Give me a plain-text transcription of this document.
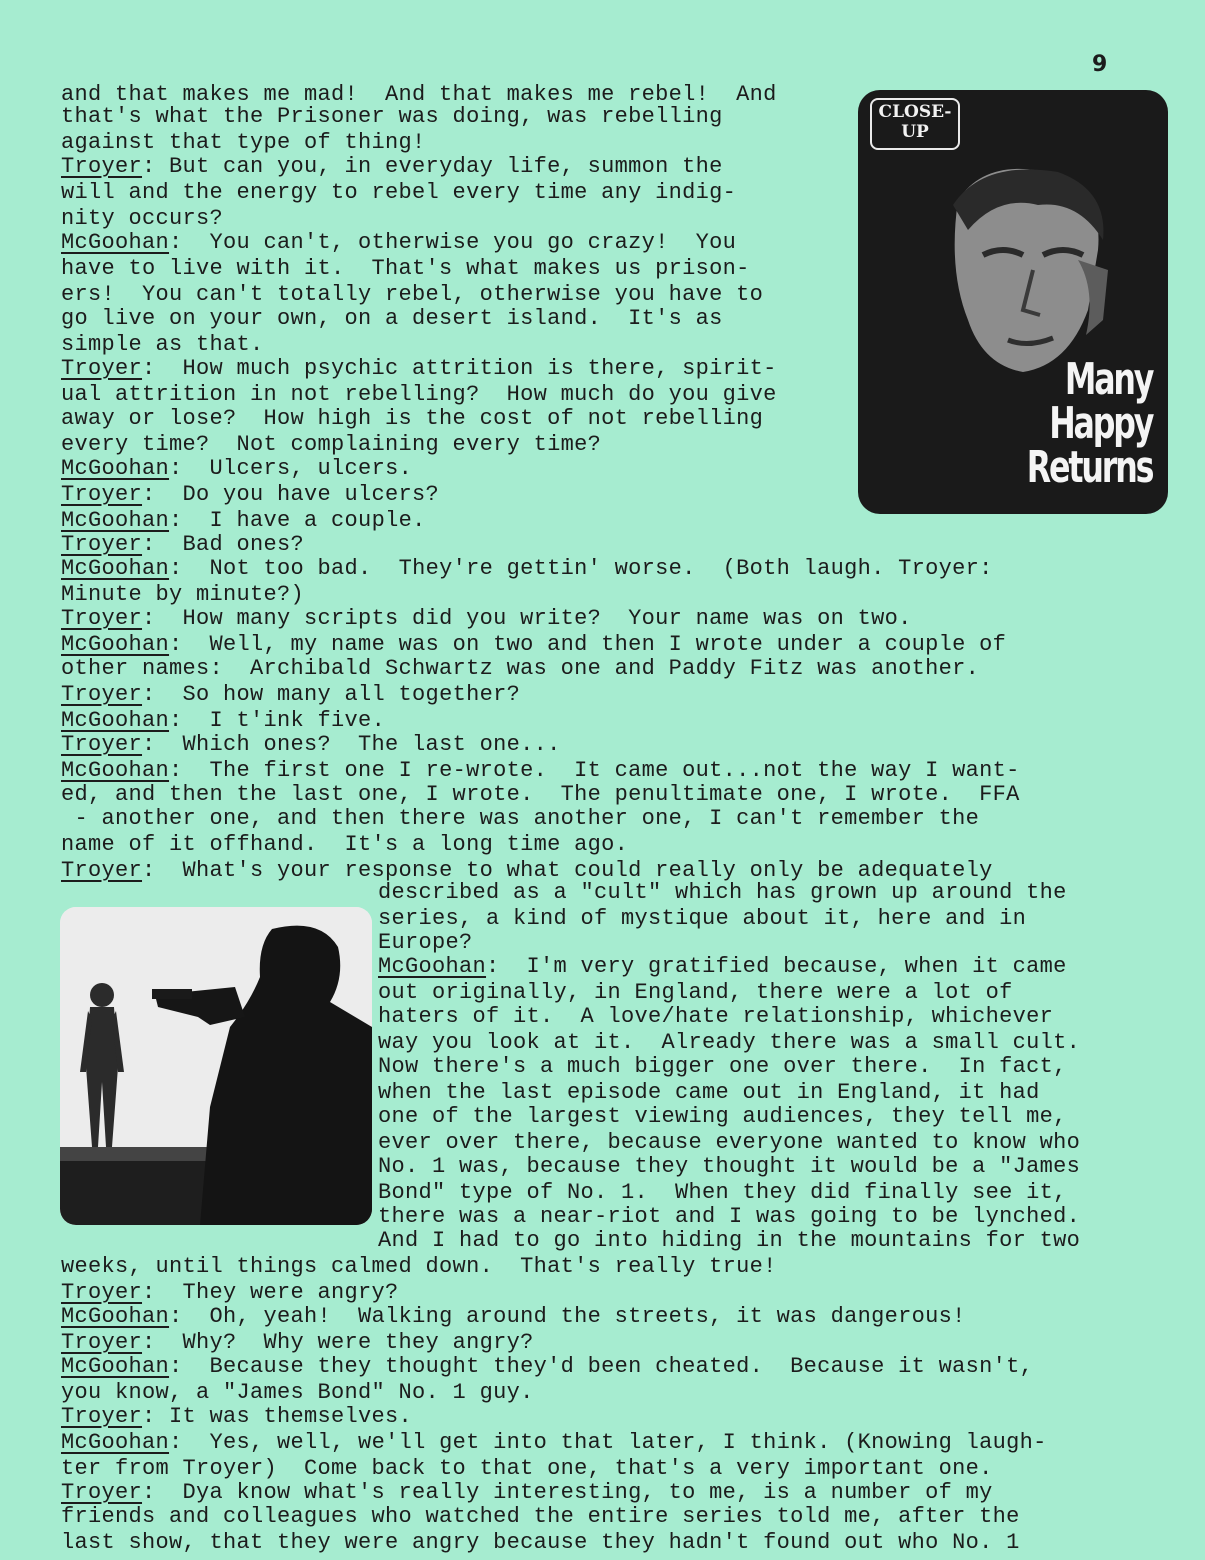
9
CLOSE-
UP
Many
Happy
Returns
and that makes me mad!  And that makes me rebel!  And
that's what the Prisoner was doing, was rebelling
against that type of thing!
Troyer: But can you, in everyday life, summon the
will and the energy to rebel every time any indig-
nity occurs?
McGoohan:  You can't, otherwise you go crazy!  You
have to live with it.  That's what makes us prison-
ers!  You can't totally rebel, otherwise you have to
go live on your own, on a desert island.  It's as
simple as that.
Troyer:  How much psychic attrition is there, spirit-
ual attrition in not rebelling?  How much do you give
away or lose?  How high is the cost of not rebelling
every time?  Not complaining every time?
McGoohan:  Ulcers, ulcers.
Troyer:  Do you have ulcers?
McGoohan:  I have a couple.
Troyer:  Bad ones?
McGoohan:  Not too bad.  They're gettin' worse.  (Both laugh. Troyer:
Minute by minute?)
Troyer:  How many scripts did you write?  Your name was on two.
McGoohan:  Well, my name was on two and then I wrote under a couple of
other names:  Archibald Schwartz was one and Paddy Fitz was another.
Troyer:  So how many all together?
McGoohan:  I t'ink five.
Troyer:  Which ones?  The last one...
McGoohan:  The first one I re-wrote.  It came out...not the way I want-
ed, and then the last one, I wrote.  The penultimate one, I wrote.  FFA
- another one, and then there was another one, I can't remember the
name of it offhand.  It's a long time ago.
Troyer:  What's your response to what could really only be adequately
described as a "cult" which has grown up around the
series, a kind of mystique about it, here and in
Europe?
McGoohan:  I'm very gratified because, when it came
out originally, in England, there were a lot of
haters of it.  A love/hate relationship, whichever
way you look at it.  Already there was a small cult.
Now there's a much bigger one over there.  In fact,
when the last episode came out in England, it had
one of the largest viewing audiences, they tell me,
ever over there, because everyone wanted to know who
No. 1 was, because they thought it would be a "James
Bond" type of No. 1.  When they did finally see it,
there was a near-riot and I was going to be lynched.
And I had to go into hiding in the mountains for two
weeks, until things calmed down.  That's really true!
Troyer:  They were angry?
McGoohan:  Oh, yeah!  Walking around the streets, it was dangerous!
Troyer:  Why?  Why were they angry?
McGoohan:  Because they thought they'd been cheated.  Because it wasn't,
you know, a "James Bond" No. 1 guy.
Troyer: It was themselves.
McGoohan:  Yes, well, we'll get into that later, I think. (Knowing laugh-
ter from Troyer)  Come back to that one, that's a very important one.
Troyer:  Dya know what's really interesting, to me, is a number of my
friends and colleagues who watched the entire series told me, after the
last show, that they were angry because they hadn't found out who No. 1
